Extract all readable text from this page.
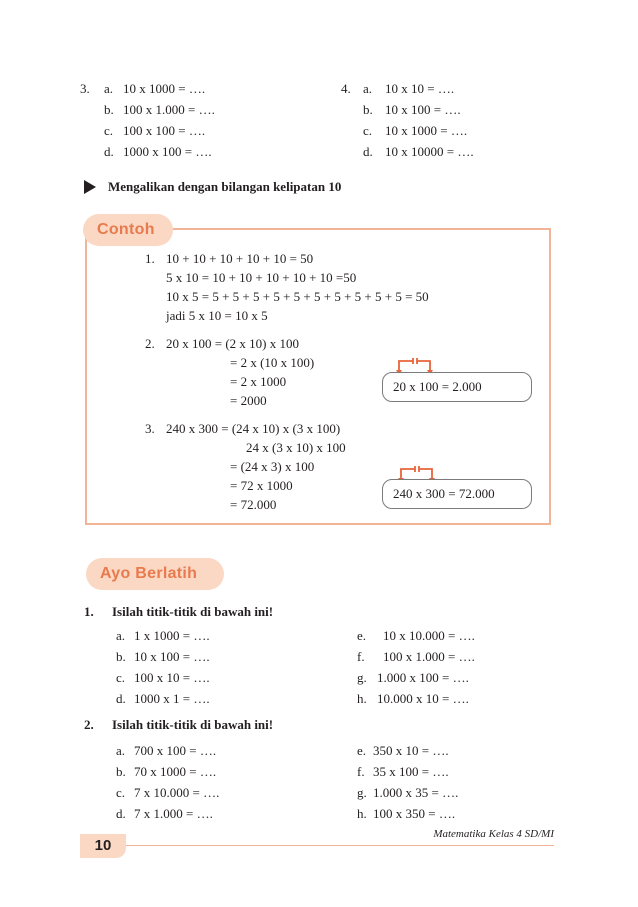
3. a. 10 x 1000 = ….
b. 100 x 1.000 = ….
c. 100 x 100 = ….
d. 1000 x 100 = ….
4. a. 10 x 10 = ….
b. 10 x 100 = ….
c. 10 x 1000 = ….
d. 10 x 10000 = ….
Mengalikan dengan bilangan kelipatan 10
Contoh
1. 10 + 10 + 10 + 10 + 10 = 50
5 x 10 = 10 + 10 + 10 + 10 + 10 =50
10 x 5 = 5 + 5 + 5 + 5 + 5 + 5 + 5 + 5 + 5 + 5 = 50
jadi 5 x 10 = 10 x 5
2. 20 x 100 = (2 x 10) x 100
= 2 x (10 x 100)
= 2 x 1000
= 2000
20 x 100 = 2.000
3. 240 x 300 = (24 x 10) x (3 x 100)
24 x (3 x 10) x 100
= (24 x 3) x 100
= 72 x 1000
= 72.000
240 x 300 = 72.000
Ayo Berlatih
1. Isilah titik-titik di bawah ini!
a. 1 x 1000 = ….
b. 10 x 100 = ….
c. 100 x 10 = ….
d. 1000 x 1 = ….
e. 10 x 10.000 = ….
f. 100 x 1.000 = ….
g. 1.000 x 100 = ….
h. 10.000 x 10 = ….
2. Isilah titik-titik di bawah ini!
a. 700 x 100 = ….
b. 70 x 1000 = ….
c. 7 x 10.000 = ….
d. 7 x 1.000 = ….
e. 350 x 10 = ….
f. 35 x 100 = ….
g. 1.000 x 35 = ….
h. 100 x 350 = ….
10
Matematika Kelas 4 SD/MI
